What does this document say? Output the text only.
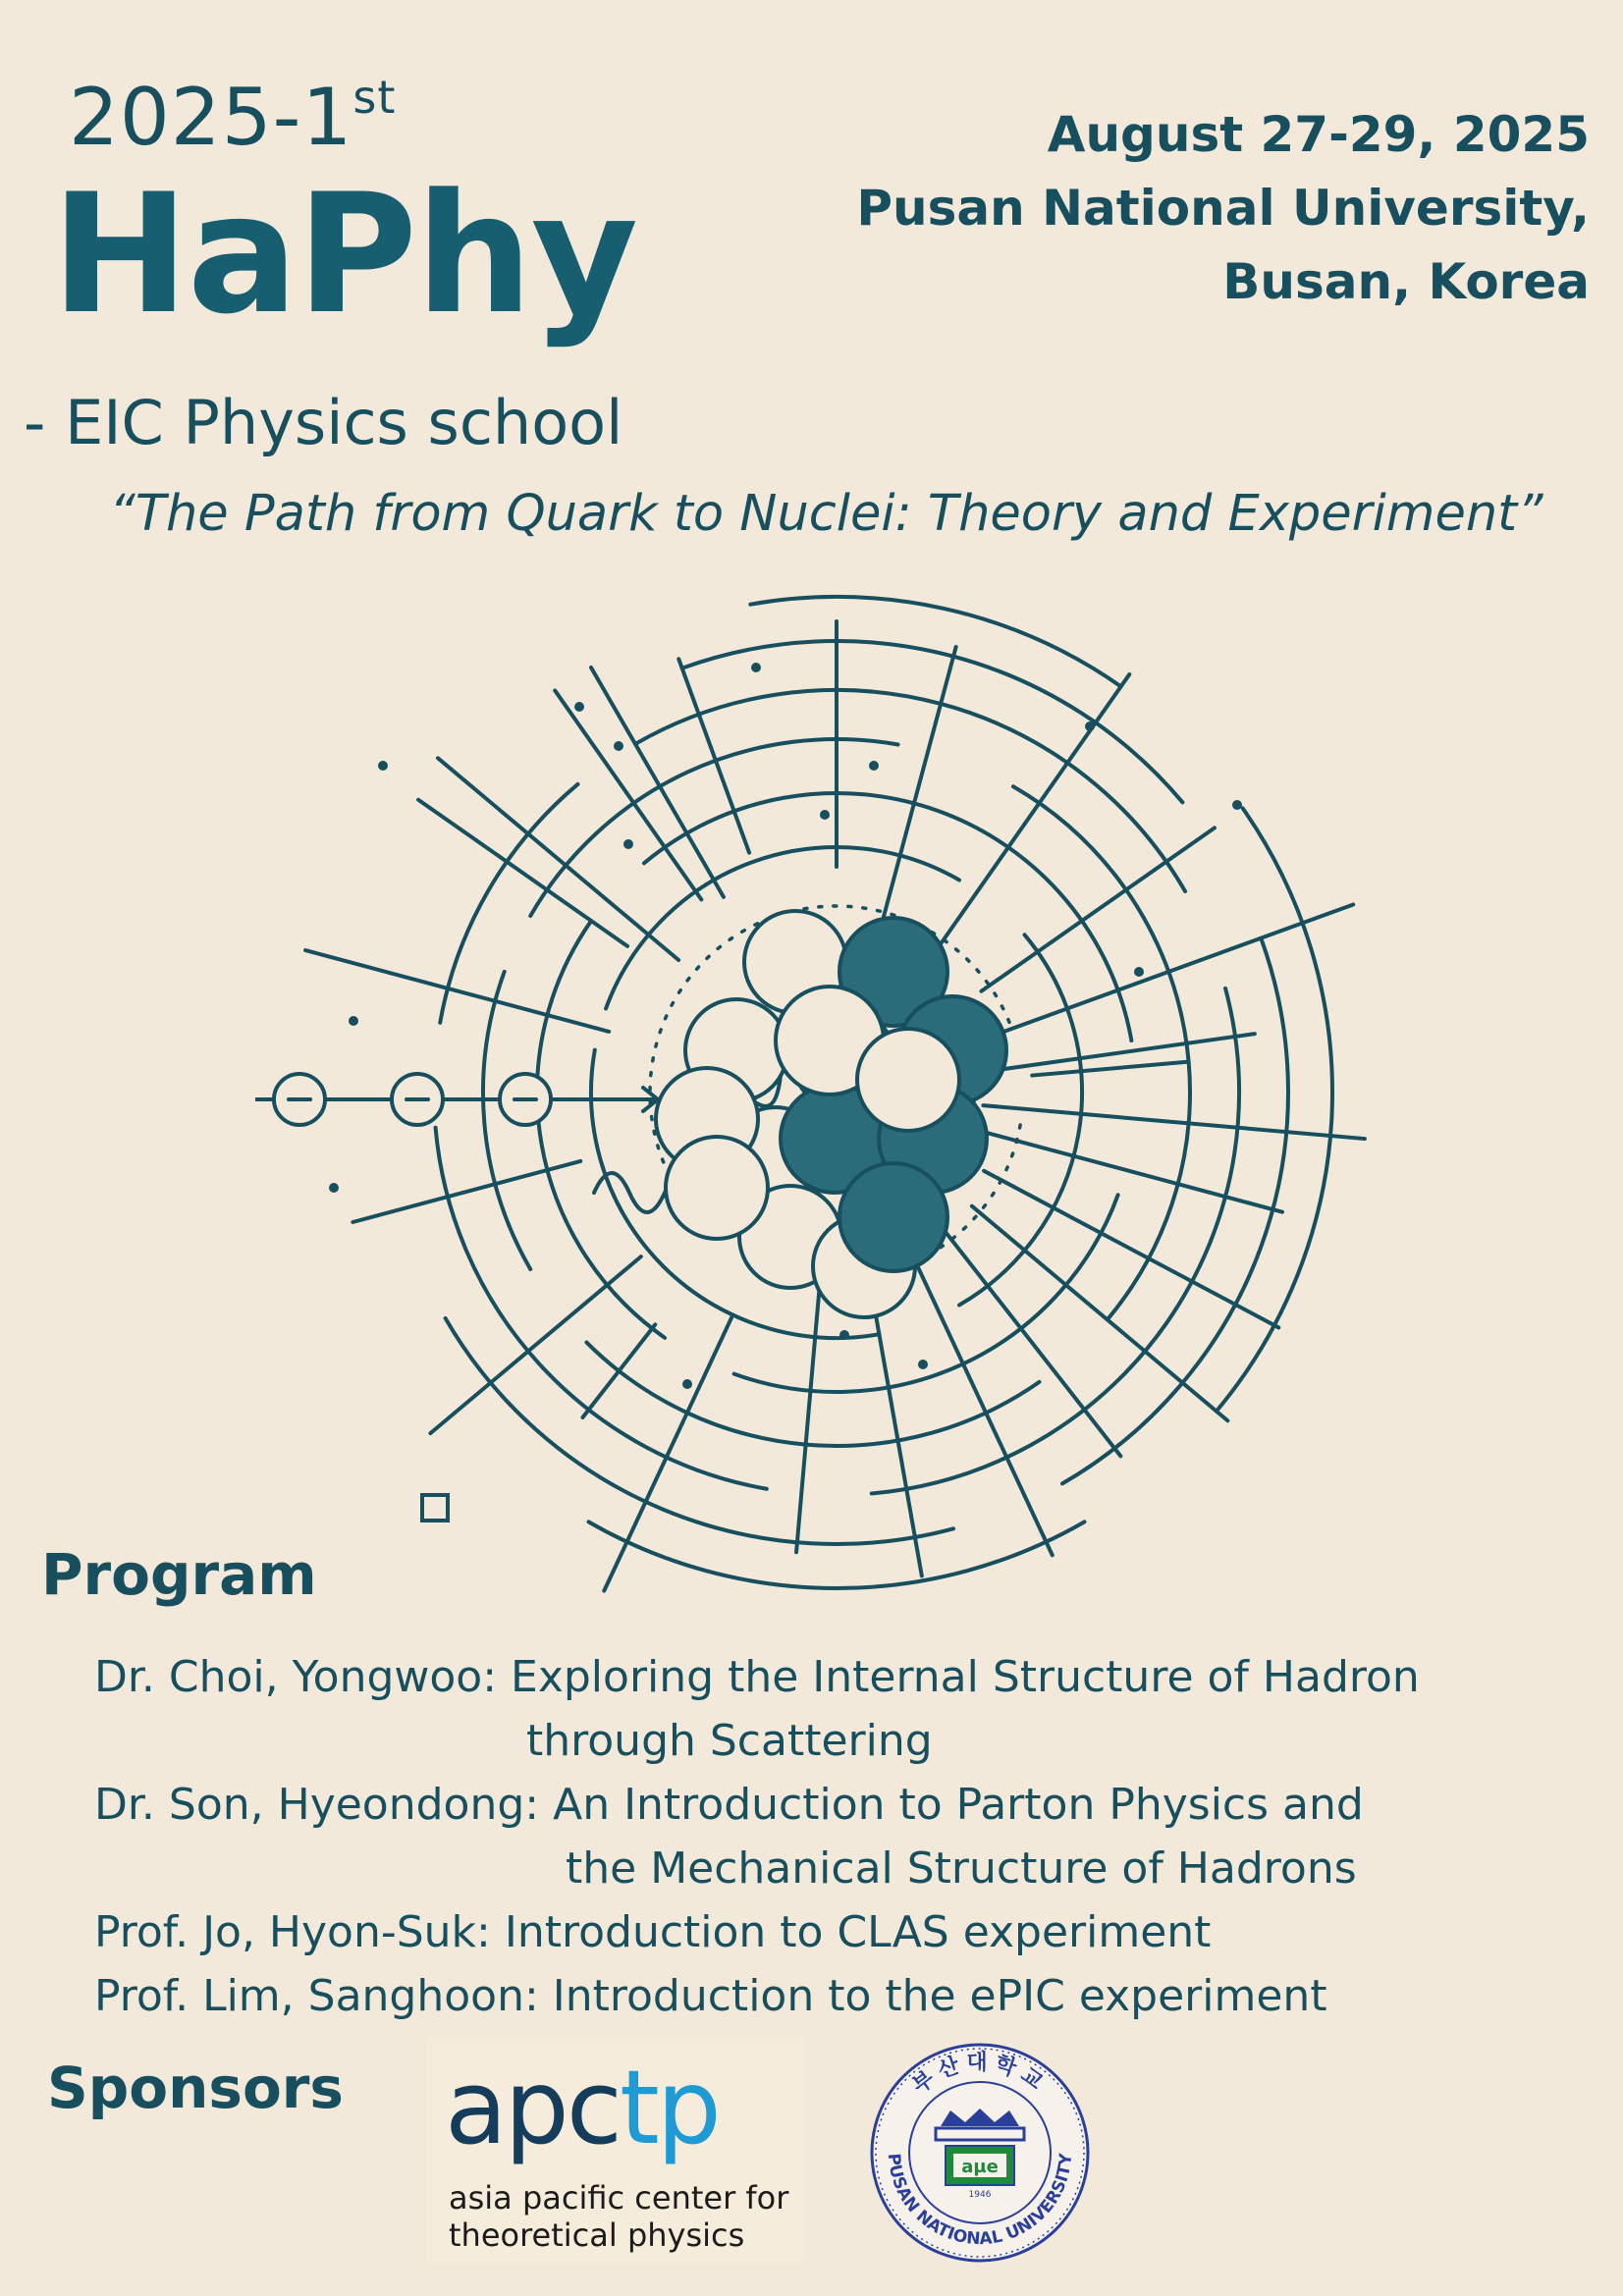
2025-1st
HaPhy
- EIC Physics school
August 27-29, 2025
Pusan National University,
Busan, Korea
“The Path from Quark to Nuclei: Theory and Experiment”
Program
Dr. Choi, Yongwoo: Exploring the Internal Structure of Hadron
through Scattering
Dr. Son, Hyeondong: An Introduction to Parton Physics and
the Mechanical Structure of Hadrons
Prof. Jo, Hyon-Suk: Introduction to CLAS experiment
Prof. Lim, Sanghoon: Introduction to the ePIC experiment
Sponsors apctp
asia pacific center for
theoretical physics
부산대학교
PUSAN NATIONAL UNIVERSITY
aµe
1946
